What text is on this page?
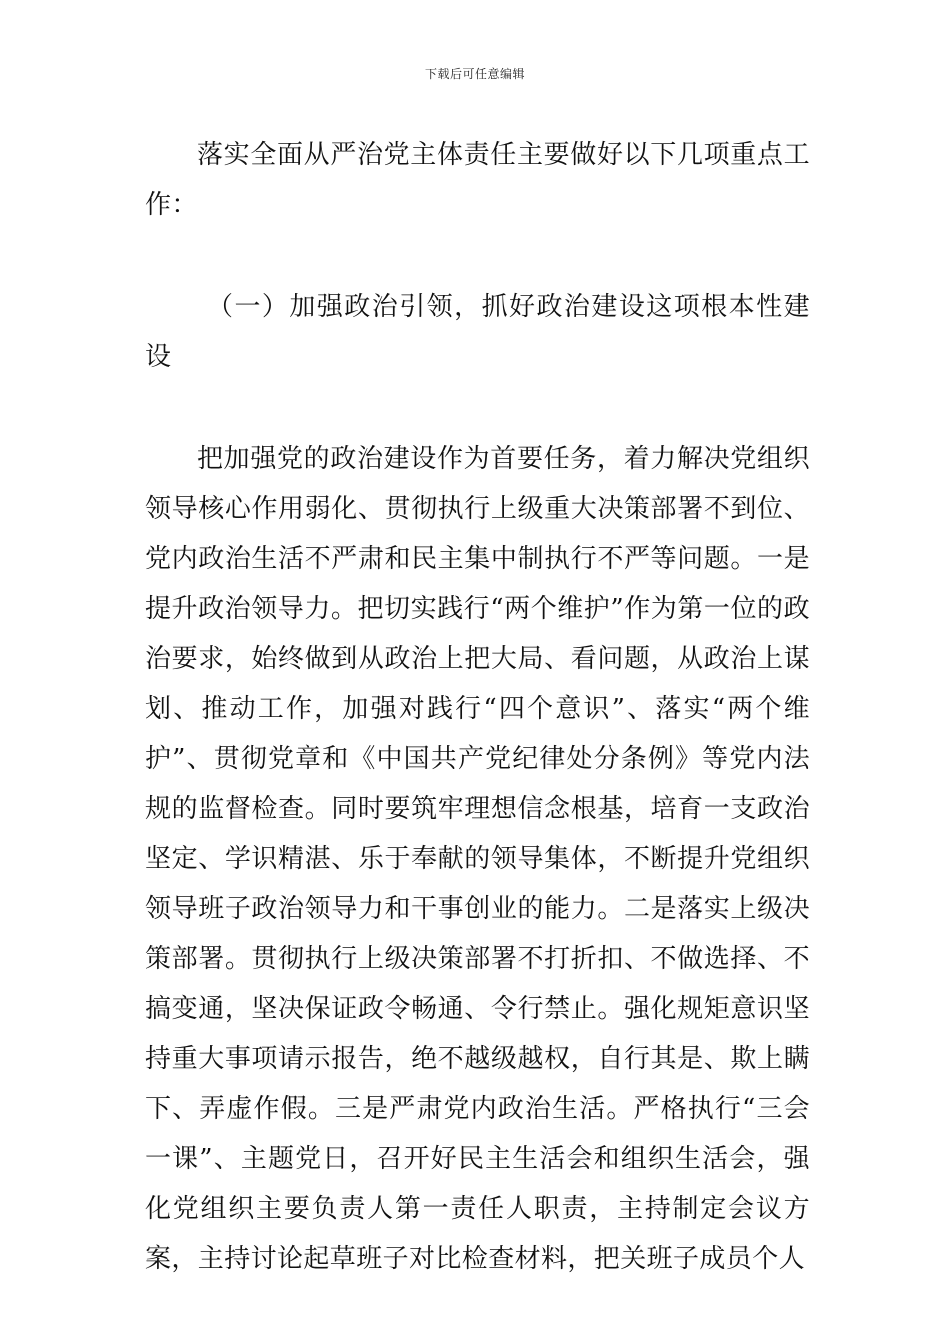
下载后可任意编辑

落实全面从严治党主体责任主要做好以下几项重点工作：

（一）加强政治引领，抓好政治建设这项根本性建设

把加强党的政治建设作为首要任务，着力解决党组织领导核心作用弱化、贯彻执行上级重大决策部署不到位、党内政治生活不严肃和民主集中制执行不严等问题。一是提升政治领导力。把切实践行“两个维护”作为第一位的政治要求，始终做到从政治上把大局、看问题，从政治上谋划、推动工作，加强对践行“四个意识”、落实“两个维护”、贯彻党章和《中国共产党纪律处分条例》等党内法规的监督检查。同时要筑牢理想信念根基，培育一支政治坚定、学识精湛、乐于奉献的领导集体，不断提升党组织领导班子政治领导力和干事创业的能力。二是落实上级决策部署。贯彻执行上级决策部署不打折扣、不做选择、不搞变通，坚决保证政令畅通、令行禁止。强化规矩意识坚持重大事项请示报告，绝不越级越权，自行其是、欺上瞒下、弄虚作假。三是严肃党内政治生活。严格执行“三会一课”、主题党日，召开好民主生活会和组织生活会，强化党组织主要负责人第一责任人职责，主持制定会议方案，主持讨论起草班子对比检查材料，把关班子成员个人
